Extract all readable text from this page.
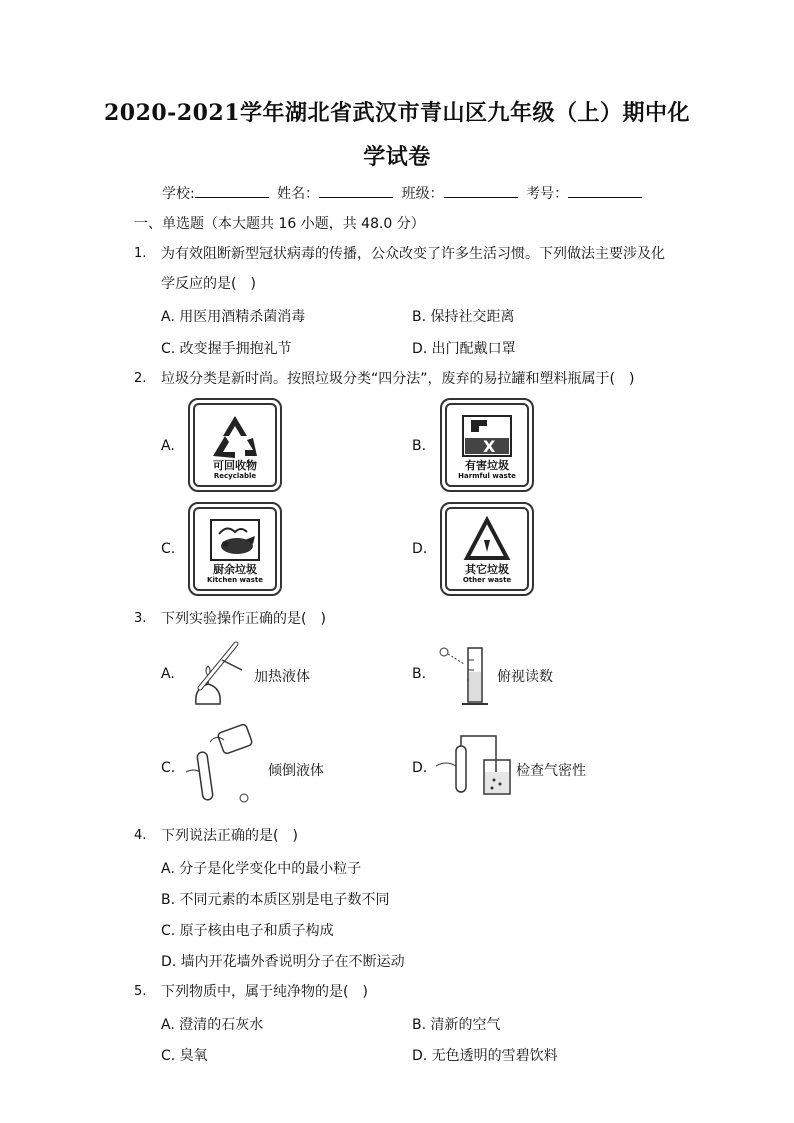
2020-2021学年湖北省武汉市青山区九年级（上）期中化
学试卷
学校:	姓名：	班级：	考号：
一、单选题（本大题共 16 小题，共 48.0 分）
1. 为有效阻断新型冠状病毒的传播，公众改变了许多生活习惯。下列做法主要涉及化
学反应的是(　)
A. 用医用酒精杀菌消毒	B. 保持社交距离
C. 改变握手拥抱礼节	D. 出门配戴口罩
2. 垃圾分类是新时尚。按照垃圾分类“四分法”，废弃的易拉罐和塑料瓶属于(　)
A.
可回收物
Recyclable
B.	X
有害垃圾
Harmful waste
C.
厨余垃圾
Kitchen waste
D.
其它垃圾
Other waste
3. 下列实验操作正确的是(　)
A.	加热液体	B.	俯视读数
C.	倾倒液体	D.	检查气密性
4. 下列说法正确的是(　)
A. 分子是化学变化中的最小粒子
B. 不同元素的本质区别是电子数不同
C. 原子核由电子和质子构成
D. 墙内开花墙外香说明分子在不断运动
5. 下列物质中，属于纯净物的是(　)
A. 澄清的石灰水	B. 清新的空气
C. 臭氧	D. 无色透明的雪碧饮料
